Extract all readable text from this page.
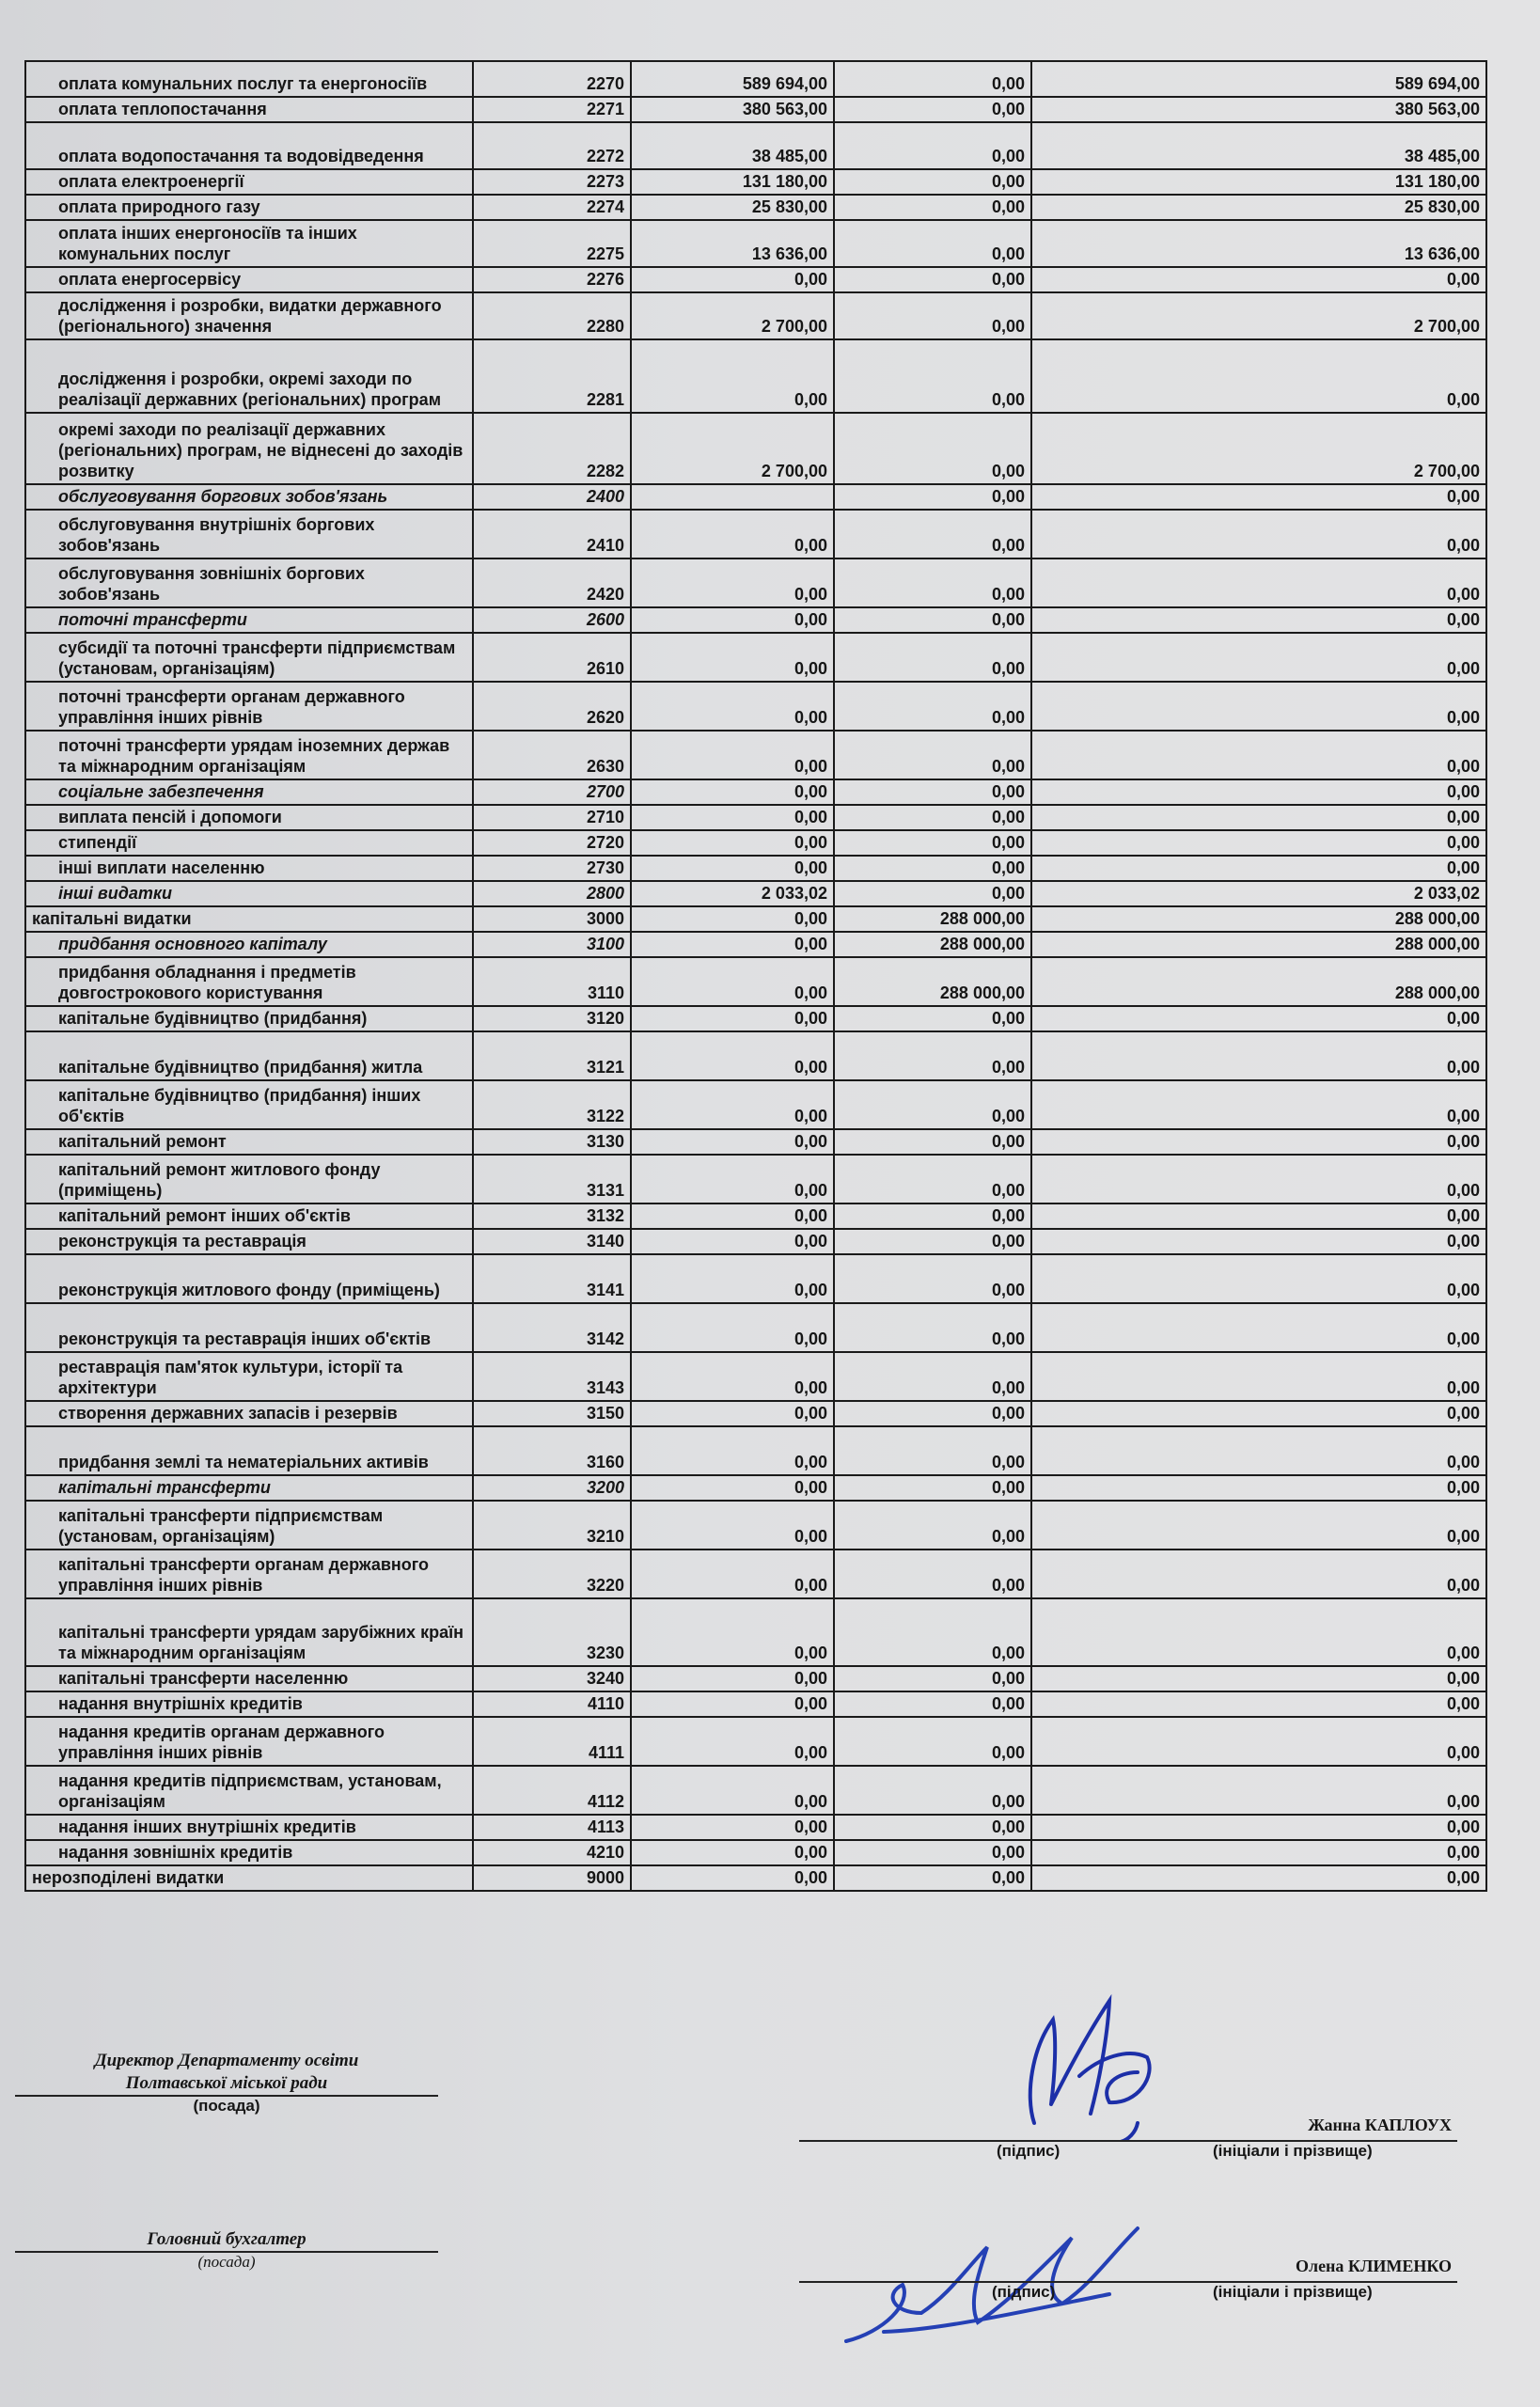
оплата комунальних послуг та енергоносіїв	2270	589 694,00	0,00	589 694,00
оплата теплопостачання	2271	380 563,00	0,00	380 563,00
оплата водопостачання та водовідведення	2272	38 485,00	0,00	38 485,00
оплата електроенергії	2273	131 180,00	0,00	131 180,00
оплата природного газу	2274	25 830,00	0,00	25 830,00
оплата інших енергоносіїв та інших комунальних послуг	2275	13 636,00	0,00	13 636,00
оплата енергосервісу	2276	0,00	0,00	0,00
дослідження і розробки, видатки державного (регіонального) значення	2280	2 700,00	0,00	2 700,00
дослідження і розробки, окремі заходи по реалізації державних (регіональних) програм	2281	0,00	0,00	0,00
окремі заходи по реалізації державних (регіональних) програм, не віднесені до заходів розвитку	2282	2 700,00	0,00	2 700,00
обслуговування боргових зобов'язань	2400		0,00	0,00
обслуговування внутрішніх боргових зобов'язань	2410	0,00	0,00	0,00
обслуговування зовнішніх боргових зобов'язань	2420	0,00	0,00	0,00
поточні трансферти	2600	0,00	0,00	0,00
субсидії та поточні трансферти підприємствам (установам, організаціям)	2610	0,00	0,00	0,00
поточні трансферти органам державного управління інших рівнів	2620	0,00	0,00	0,00
поточні трансферти урядам іноземних держав та міжнародним організаціям	2630	0,00	0,00	0,00
соціальне забезпечення	2700	0,00	0,00	0,00
виплата пенсій і допомоги	2710	0,00	0,00	0,00
стипендії	2720	0,00	0,00	0,00
інші виплати населенню	2730	0,00	0,00	0,00
інші видатки	2800	2 033,02	0,00	2 033,02
капітальні видатки	3000	0,00	288 000,00	288 000,00
придбання основного капіталу	3100	0,00	288 000,00	288 000,00
придбання обладнання і предметів довгострокового користування	3110	0,00	288 000,00	288 000,00
капітальне будівництво (придбання)	3120	0,00	0,00	0,00
капітальне будівництво (придбання) житла	3121	0,00	0,00	0,00
капітальне будівництво (придбання) інших об'єктів	3122	0,00	0,00	0,00
капітальний ремонт	3130	0,00	0,00	0,00
капітальний ремонт житлового фонду (приміщень)	3131	0,00	0,00	0,00
капітальний ремонт інших об'єктів	3132	0,00	0,00	0,00
реконструкція та реставрація	3140	0,00	0,00	0,00
реконструкція житлового фонду (приміщень)	3141	0,00	0,00	0,00
реконструкція та реставрація інших об'єктів	3142	0,00	0,00	0,00
реставрація пам'яток культури, історії та архітектури	3143	0,00	0,00	0,00
створення державних запасів і резервів	3150	0,00	0,00	0,00
придбання землі та нематеріальних активів	3160	0,00	0,00	0,00
капітальні трансферти	3200	0,00	0,00	0,00
капітальні трансферти підприємствам (установам, організаціям)	3210	0,00	0,00	0,00
капітальні трансферти органам державного управління інших рівнів	3220	0,00	0,00	0,00
капітальні трансферти урядам зарубіжних країн та міжнародним організаціям	3230	0,00	0,00	0,00
капітальні трансферти населенню	3240	0,00	0,00	0,00
надання внутрішніх кредитів	4110	0,00	0,00	0,00
надання кредитів органам державного управління інших рівнів	4111	0,00	0,00	0,00
надання кредитів підприємствам, установам, організаціям	4112	0,00	0,00	0,00
надання інших внутрішніх кредитів	4113	0,00	0,00	0,00
надання зовнішніх кредитів	4210	0,00	0,00	0,00
нерозподілені видатки	9000	0,00	0,00	0,00
Директор Департаменту освіти
Полтавської міської ради
(посада)
Жанна КАПЛОУХ
(підпис)	(ініціали і прізвище)
Головний бухгалтер
(посада)	Олена КЛИМЕНКО
(підпис)	(ініціали і прізвище)
